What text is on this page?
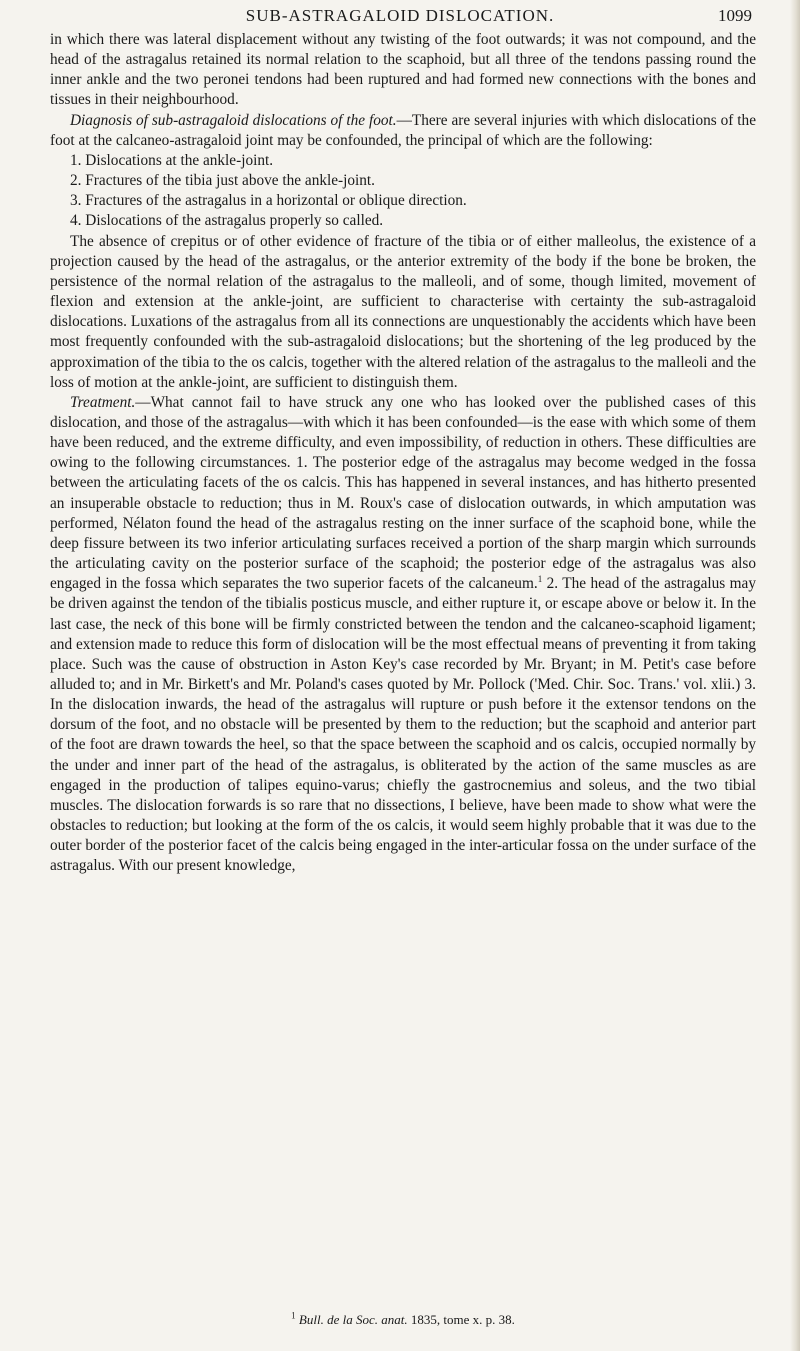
SUB-ASTRAGALOID DISLOCATION.	1099

in which there was lateral displacement without any twisting of the foot outwards; it was not compound, and the head of the astragalus retained its normal relation to the scaphoid, but all three of the tendons passing round the inner ankle and the two peronei tendons had been ruptured and had formed new connections with the bones and tissues in their neighbourhood.

Diagnosis of sub-astragaloid dislocations of the foot.—There are several injuries with which dislocations of the foot at the calcaneo-astragaloid joint may be confounded, the principal of which are the following:

1. Dislocations at the ankle-joint.
2. Fractures of the tibia just above the ankle-joint.
3. Fractures of the astragalus in a horizontal or oblique direction.
4. Dislocations of the astragalus properly so called.

The absence of crepitus or of other evidence of fracture of the tibia or of either malleolus, the existence of a projection caused by the head of the astragalus, or the anterior extremity of the body if the bone be broken, the persistence of the normal relation of the astragalus to the malleoli, and of some, though limited, movement of flexion and extension at the ankle-joint, are sufficient to characterise with certainty the sub-astragaloid dislocations. Luxations of the astragalus from all its connections are unquestionably the accidents which have been most frequently confounded with the sub-astragaloid dislocations; but the shortening of the leg produced by the approximation of the tibia to the os calcis, together with the altered relation of the astragalus to the malleoli and the loss of motion at the ankle-joint, are sufficient to distinguish them.

Treatment.—What cannot fail to have struck any one who has looked over the published cases of this dislocation, and those of the astragalus—with which it has been confounded—is the ease with which some of them have been reduced, and the extreme difficulty, and even impossibility, of reduction in others. These difficulties are owing to the following circumstances. 1. The posterior edge of the astragalus may become wedged in the fossa between the articulating facets of the os calcis. This has happened in several instances, and has hitherto presented an insuperable obstacle to reduction; thus in M. Roux's case of dislocation outwards, in which amputation was performed, Nélaton found the head of the astragalus resting on the inner surface of the scaphoid bone, while the deep fissure between its two inferior articulating surfaces received a portion of the sharp margin which surrounds the articulating cavity on the posterior surface of the scaphoid; the posterior edge of the astragalus was also engaged in the fossa which separates the two superior facets of the calcaneum.$^1$ 2. The head of the astragalus may be driven against the tendon of the tibialis posticus muscle, and either rupture it, or escape above or below it. In the last case, the neck of this bone will be firmly constricted between the tendon and the calcaneo-scaphoid ligament; and extension made to reduce this form of dislocation will be the most effectual means of preventing it from taking place. Such was the cause of obstruction in Aston Key's case recorded by Mr. Bryant; in M. Petit's case before alluded to; and in Mr. Birkett's and Mr. Poland's cases quoted by Mr. Pollock ('Med. Chir. Soc. Trans.' vol. xlii.) 3. In the dislocation inwards, the head of the astragalus will rupture or push before it the extensor tendons on the dorsum of the foot, and no obstacle will be presented by them to the reduction; but the scaphoid and anterior part of the foot are drawn towards the heel, so that the space between the scaphoid and os calcis, occupied normally by the under and inner part of the head of the astragalus, is obliterated by the action of the same muscles as are engaged in the production of talipes equino-varus; chiefly the gastrocnemius and soleus, and the two tibial muscles. The dislocation forwards is so rare that no dissections, I believe, have been made to show what were the obstacles to reduction; but looking at the form of the os calcis, it would seem highly probable that it was due to the outer border of the posterior facet of the calcis being engaged in the inter-articular fossa on the under surface of the astragalus. With our present knowledge,

$^1$ Bull. de la Soc. anat. 1835, tome x. p. 38.
